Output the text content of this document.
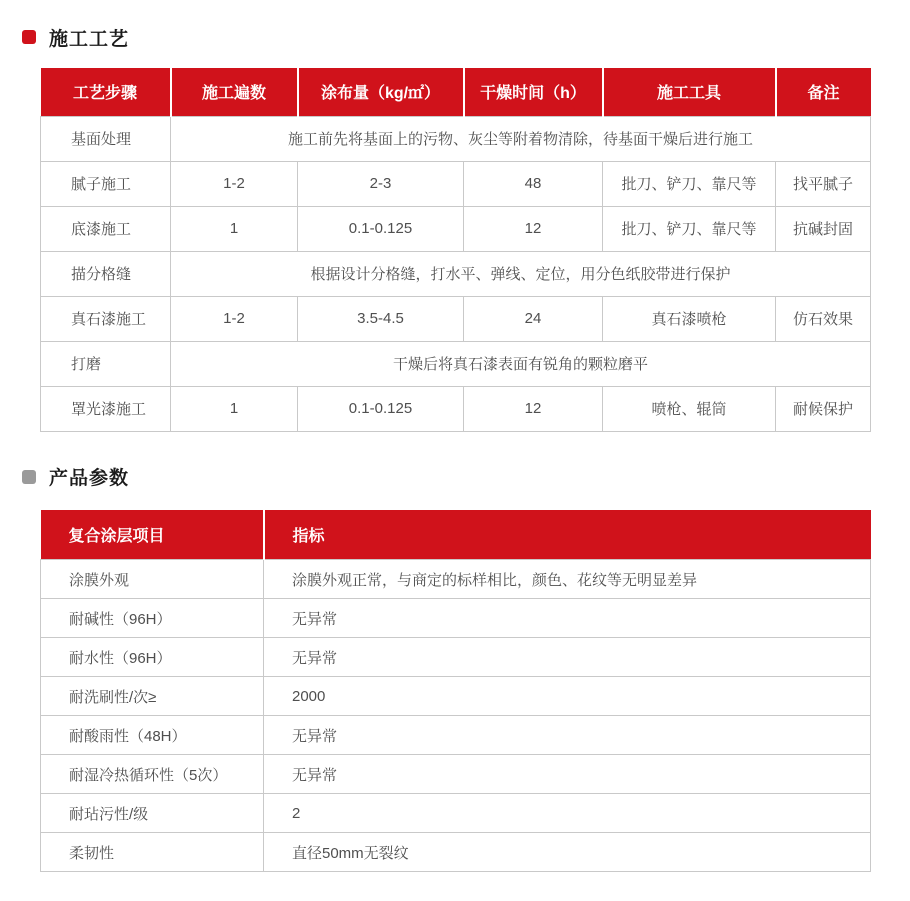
施工工艺
工艺步骤	施工遍数	涂布量（kg/㎡）	干燥时间（h）	施工工具	备注
基面处理	施工前先将基面上的污物、灰尘等附着物清除，待基面干燥后进行施工				
腻子施工	1-2	2-3	48	批刀、铲刀、靠尺等	找平腻子
底漆施工	1	0.1-0.125	12	批刀、铲刀、靠尺等	抗碱封固
描分格缝	根据设计分格缝，打水平、弹线、定位，用分色纸胶带进行保护				
真石漆施工	1-2	3.5-4.5	24	真石漆喷枪	仿石效果
打磨	干燥后将真石漆表面有锐角的颗粒磨平				
罩光漆施工	1	0.1-0.125	12	喷枪、辊筒	耐候保护
产品参数
复合涂层项目	指标
涂膜外观	涂膜外观正常，与商定的标样相比，颜色、花纹等无明显差异
耐碱性（96H）	无异常
耐水性（96H）	无异常
耐洗刷性/次≥	2000
耐酸雨性（48H）	无异常
耐湿冷热循环性（5次）	无异常
耐玷污性/级	2
柔韧性	直径50mm无裂纹
